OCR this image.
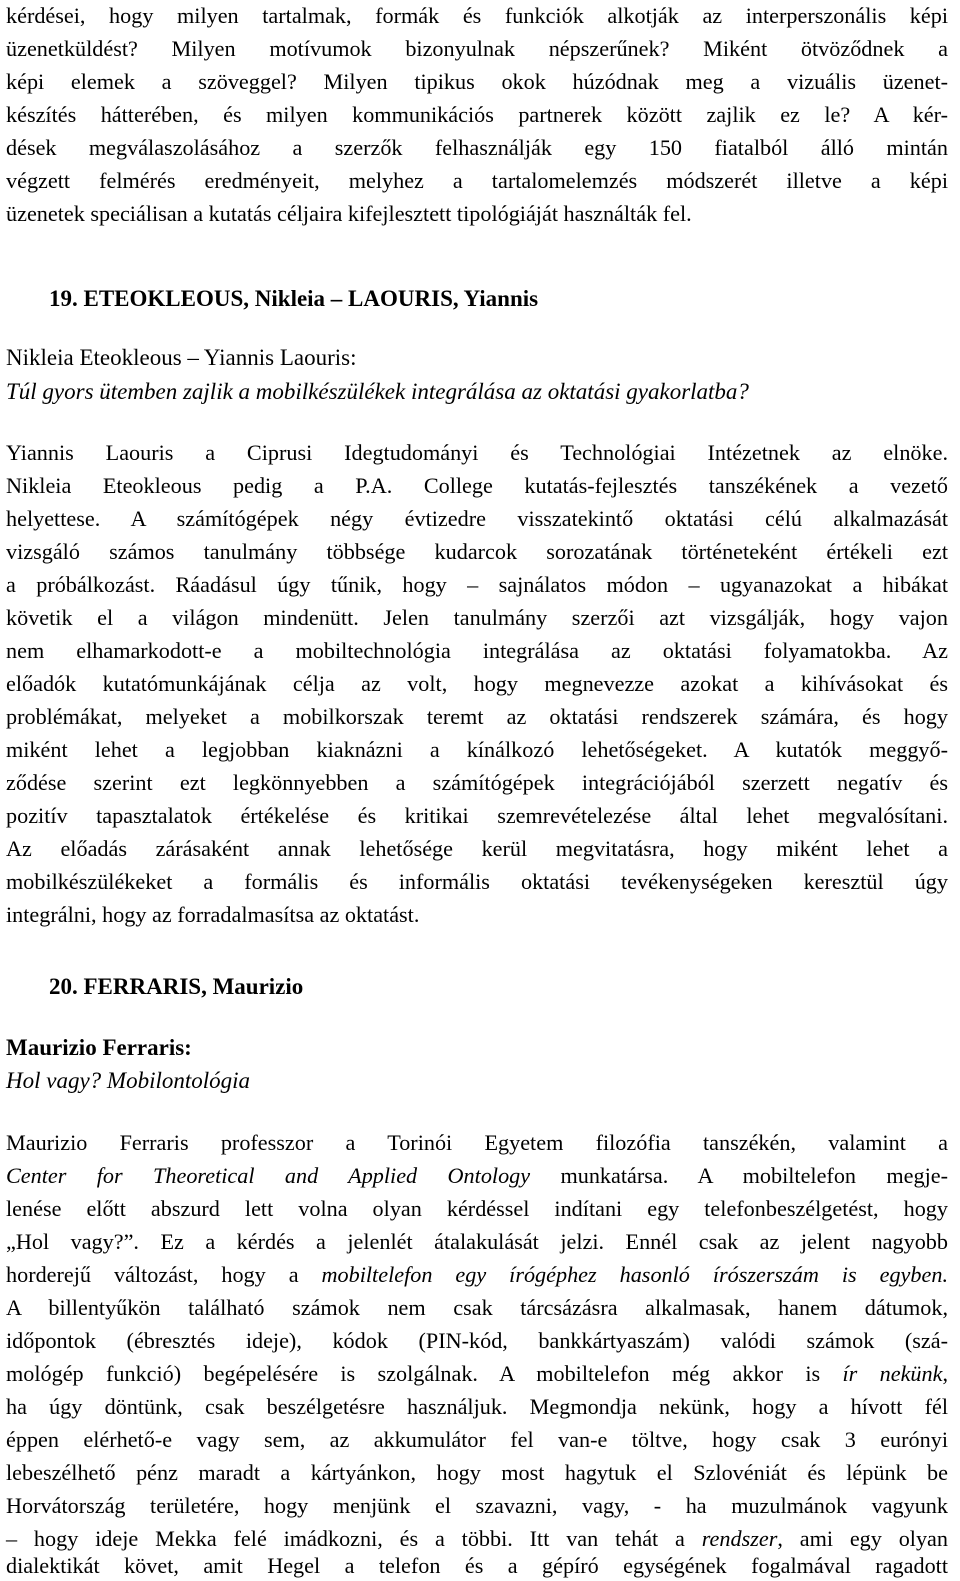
kérdései, hogy milyen tartalmak, formák és funkciók alkotják az interperszonális képi
üzenetküldést? Milyen motívumok bizonyulnak népszerűnek? Miként ötvöződnek a
képi elemek a szöveggel? Milyen tipikus okok húzódnak meg a vizuális üzenet-
készítés hátterében, és milyen kommunikációs partnerek között zajlik ez le? A kér-
dések megválaszolásához a szerzők felhasználják egy 150 fiatalból álló mintán
végzett felmérés eredményeit, melyhez a tartalomelemzés módszerét illetve a képi
üzenetek speciálisan a kutatás céljaira kifejlesztett tipológiáját használták fel.
19. ETEOKLEOUS, Nikleia – LAOURIS, Yiannis
Nikleia Eteokleous – Yiannis Laouris:
Túl gyors ütemben zajlik a mobilkészülékek integrálása az oktatási gyakorlatba?
Yiannis Laouris a Ciprusi Idegtudományi és Technológiai Intézetnek az elnöke.
Nikleia Eteokleous pedig a P.A. College kutatás-fejlesztés tanszékének a vezető
helyettese. A számítógépek négy évtizedre visszatekintő oktatási célú alkalmazását
vizsgáló számos tanulmány többsége kudarcok sorozatának történeteként értékeli ezt
a próbálkozást. Ráadásul úgy tűnik, hogy – sajnálatos módon – ugyanazokat a hibákat
követik el a világon mindenütt. Jelen tanulmány szerzői azt vizsgálják, hogy vajon
nem elhamarkodott-e a mobiltechnológia integrálása az oktatási folyamatokba. Az
előadók kutatómunkájának célja az volt, hogy megnevezze azokat a kihívásokat és
problémákat, melyeket a mobilkorszak teremt az oktatási rendszerek számára, és hogy
miként lehet a legjobban kiaknázni a kínálkozó lehetőségeket. A kutatók meggyő-
ződése szerint ezt legkönnyebben a számítógépek integrációjából szerzett negatív és
pozitív tapasztalatok értékelése és kritikai szemrevételezése által lehet megvalósítani.
Az előadás zárásaként annak lehetősége kerül megvitatásra, hogy miként lehet a
mobilkészülékeket a formális és informális oktatási tevékenységeken keresztül úgy
integrálni, hogy az forradalmasítsa az oktatást.
20. FERRARIS, Maurizio
Maurizio Ferraris:
Hol vagy? Mobilontológia
Maurizio Ferraris professzor a Torinói Egyetem filozófia tanszékén, valamint a
Center for Theoretical and Applied Ontology munkatársa. A mobiltelefon megje-
lenése előtt abszurd lett volna olyan kérdéssel indítani egy telefonbeszélgetést, hogy
„Hol vagy?”. Ez a kérdés a jelenlét átalakulását jelzi. Ennél csak az jelent nagyobb
horderejű változást, hogy a mobiltelefon egy írógéphez hasonló írószerszám is egyben.
A billentyűkön található számok nem csak tárcsázásra alkalmasak, hanem dátumok,
időpontok (ébresztés ideje), kódok (PIN-kód, bankkártyaszám) valódi számok (szá-
mológép funkció) begépelésére is szolgálnak. A mobiltelefon még akkor is ír nekünk,
ha úgy döntünk, csak beszélgetésre használjuk. Megmondja nekünk, hogy a hívott fél
éppen elérhető-e vagy sem, az akkumulátor fel van-e töltve, hogy csak 3 eurónyi
lebeszélhető pénz maradt a kártyánkon, hogy most hagytuk el Szlovéniát és lépünk be
Horvátország területére, hogy menjünk el szavazni, vagy, - ha muzulmánok vagyunk
– hogy ideje Mekka felé imádkozni, és a többi. Itt van tehát a rendszer, ami egy olyan
dialektikát követ, amit Hegel a telefon és a gépíró egységének fogalmával ragadott
